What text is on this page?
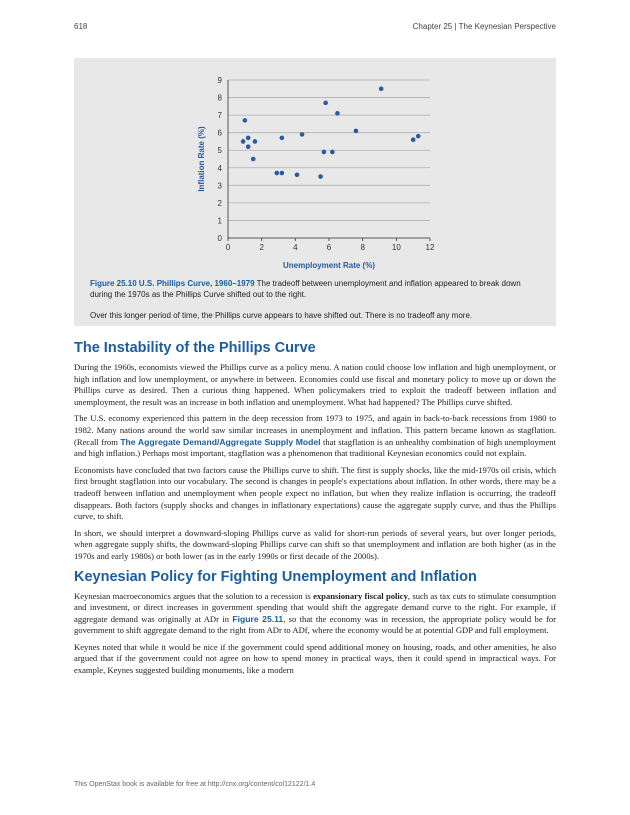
618	Chapter 25 | The Keynesian Perspective
0
1
2
3
4
5
6
7
8
9
0	2	4	6	8	10	12
Unemployment Rate (%)
Inflation Rate (%)
Figure 25.10 U.S. Phillips Curve, 1960–1979 The tradeoff between unemployment and inflation appeared to break down during the 1970s as the Phillips Curve shifted out to the right.
Over this longer period of time, the Phillips curve appears to have shifted out. There is no tradeoff any more.
The Instability of the Phillips Curve

During the 1960s, economists viewed the Phillips curve as a policy menu. A nation could choose low inflation and high unemployment, or high inflation and low unemployment, or anywhere in between. Economies could use fiscal and monetary policy to move up or down the Phillips curve as desired. Then a curious thing happened. When policymakers tried to exploit the tradeoff between inflation and unemployment, the result was an increase in both inflation and unemployment. What had happened? The Phillips curve shifted.

The U.S. economy experienced this pattern in the deep recession from 1973 to 1975, and again in back-to-back recessions from 1980 to 1982. Many nations around the world saw similar increases in unemployment and inflation. This pattern became known as stagflation. (Recall from The Aggregate Demand/Aggregate Supply Model that stagflation is an unhealthy combination of high unemployment and high inflation.) Perhaps most important, stagflation was a phenomenon that traditional Keynesian economics could not explain.

Economists have concluded that two factors cause the Phillips curve to shift. The first is supply shocks, like the mid-1970s oil crisis, which first brought stagflation into our vocabulary. The second is changes in people's expectations about inflation. In other words, there may be a tradeoff between inflation and unemployment when people expect no inflation, but when they realize inflation is occurring, the tradeoff disappears. Both factors (supply shocks and changes in inflationary expectations) cause the aggregate supply curve, and thus the Phillips curve, to shift.

In short, we should interpret a downward-sloping Phillips curve as valid for short-run periods of several years, but over longer periods, when aggregate supply shifts, the downward-sloping Phillips curve can shift so that unemployment and inflation are both higher (as in the 1970s and early 1980s) or both lower (as in the early 1990s or first decade of the 2000s).

Keynesian Policy for Fighting Unemployment and Inflation

Keynesian macroeconomics argues that the solution to a recession is expansionary fiscal policy, such as tax cuts to stimulate consumption and investment, or direct increases in government spending that would shift the aggregate demand curve to the right. For example, if aggregate demand was originally at ADr in Figure 25.11, so that the economy was in recession, the appropriate policy would be for government to shift aggregate demand to the right from ADr to ADf, where the economy would be at potential GDP and full employment.

Keynes noted that while it would be nice if the government could spend additional money on housing, roads, and other amenities, he also argued that if the government could not agree on how to spend money in practical ways, then it could spend in impractical ways. For example, Keynes suggested building monuments, like a modern

This OpenStax book is available for free at http://cnx.org/content/col12122/1.4
